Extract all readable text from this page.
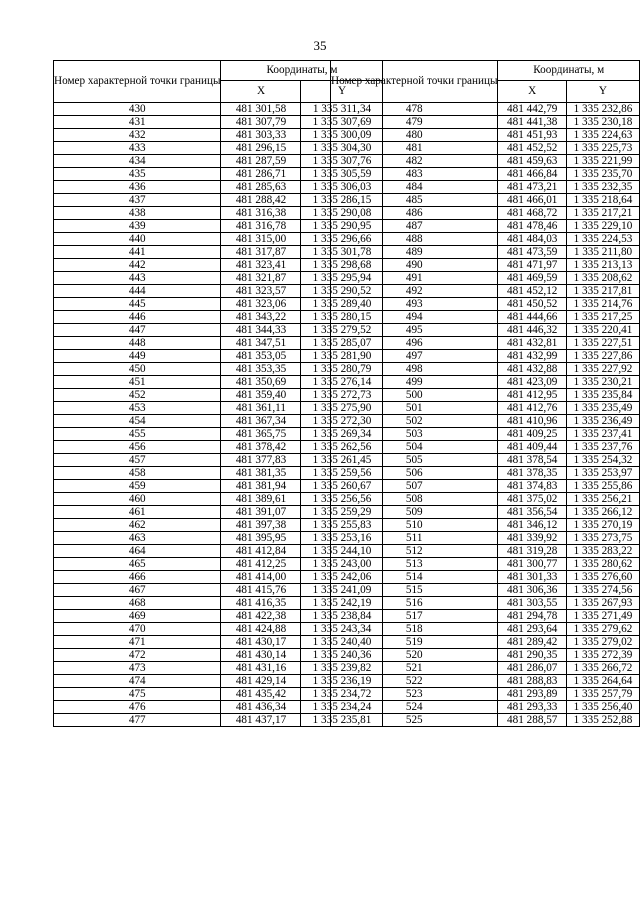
35
Номер характерной точки границы	Координаты, м	
	X	Y
430	481 301,58	1 335 311,34
431	481 307,79	1 335 307,69
432	481 303,33	1 335 300,09
433	481 296,15	1 335 304,30
434	481 287,59	1 335 307,76
435	481 286,71	1 335 305,59
436	481 285,63	1 335 306,03
437	481 288,42	1 335 286,15
438	481 316,38	1 335 290,08
439	481 316,78	1 335 290,95
440	481 315,00	1 335 296,66
441	481 317,87	1 335 301,78
442	481 323,41	1 335 298,68
443	481 321,87	1 335 295,94
444	481 323,57	1 335 290,52
445	481 323,06	1 335 289,40
446	481 343,22	1 335 280,15
447	481 344,33	1 335 279,52
448	481 347,51	1 335 285,07
449	481 353,05	1 335 281,90
450	481 353,35	1 335 280,79
451	481 350,69	1 335 276,14
452	481 359,40	1 335 272,73
453	481 361,11	1 335 275,90
454	481 367,34	1 335 272,30
455	481 365,75	1 335 269,34
456	481 378,42	1 335 262,56
457	481 377,83	1 335 261,45
458	481 381,35	1 335 259,56
459	481 381,94	1 335 260,67
460	481 389,61	1 335 256,56
461	481 391,07	1 335 259,29
462	481 397,38	1 335 255,83
463	481 395,95	1 335 253,16
464	481 412,84	1 335 244,10
465	481 412,25	1 335 243,00
466	481 414,00	1 335 242,06
467	481 415,76	1 335 241,09
468	481 416,35	1 335 242,19
469	481 422,38	1 335 238,84
470	481 424,88	1 335 243,34
471	481 430,17	1 335 240,40
472	481 430,14	1 335 240,36
473	481 431,16	1 335 239,82
474	481 429,14	1 335 236,19
475	481 435,42	1 335 234,72
476	481 436,34	1 335 234,24
477	481 437,17	1 335 235,81
Номер характерной точки границы	Координаты, м	
	X	Y
478	481 442,79	1 335 232,86
479	481 441,38	1 335 230,18
480	481 451,93	1 335 224,63
481	481 452,52	1 335 225,73
482	481 459,63	1 335 221,99
483	481 466,84	1 335 235,70
484	481 473,21	1 335 232,35
485	481 466,01	1 335 218,64
486	481 468,72	1 335 217,21
487	481 478,46	1 335 229,10
488	481 484,03	1 335 224,53
489	481 473,59	1 335 211,80
490	481 471,97	1 335 213,13
491	481 469,59	1 335 208,62
492	481 452,12	1 335 217,81
493	481 450,52	1 335 214,76
494	481 444,66	1 335 217,25
495	481 446,32	1 335 220,41
496	481 432,81	1 335 227,51
497	481 432,99	1 335 227,86
498	481 432,88	1 335 227,92
499	481 423,09	1 335 230,21
500	481 412,95	1 335 235,84
501	481 412,76	1 335 235,49
502	481 410,96	1 335 236,49
503	481 409,25	1 335 237,41
504	481 409,44	1 335 237,76
505	481 378,54	1 335 254,32
506	481 378,35	1 335 253,97
507	481 374,83	1 335 255,86
508	481 375,02	1 335 256,21
509	481 356,54	1 335 266,12
510	481 346,12	1 335 270,19
511	481 339,92	1 335 273,75
512	481 319,28	1 335 283,22
513	481 300,77	1 335 280,62
514	481 301,33	1 335 276,60
515	481 306,36	1 335 274,56
516	481 303,55	1 335 267,93
517	481 294,78	1 335 271,49
518	481 293,64	1 335 279,62
519	481 289,42	1 335 279,02
520	481 290,35	1 335 272,39
521	481 286,07	1 335 266,72
522	481 288,83	1 335 264,64
523	481 293,89	1 335 257,79
524	481 293,33	1 335 256,40
525	481 288,57	1 335 252,88
